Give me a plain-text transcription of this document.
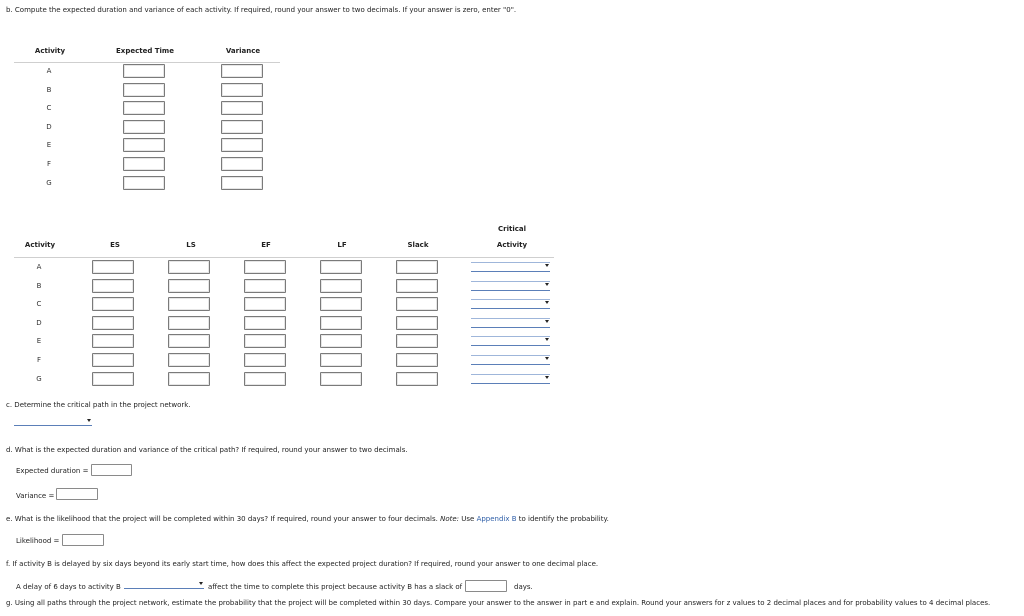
b. Compute the expected duration and variance of each activity. If required, round your answer to two decimals. If your answer is zero, enter "0".
Activity	Expected Time	Variance
A
B
C
D
E
F
G
Critical
Activity	ES	LS	EF	LF	Slack	Activity
A
B
C
D
E
F
G
c. Determine the critical path in the project network.
d. What is the expected duration and variance of the critical path? If required, round your answer to two decimals.
Expected duration =
Variance =
e. What is the likelihood that the project will be completed within 30 days? If required, round your answer to four decimals. Note: Use Appendix B to identify the probability.
Likelihood =
f. If activity B is delayed by six days beyond its early start time, how does this affect the expected project duration? If required, round your answer to one decimal place.
A delay of 6 days to activity B	affect the time to complete this project because activity B has a slack of	days.
g. Using all paths through the project network, estimate the probability that the project will be completed within 30 days. Compare your answer to the answer in part e and explain. Round your answers for z values to 2 decimal places and for probability values to 4 decimal places.
